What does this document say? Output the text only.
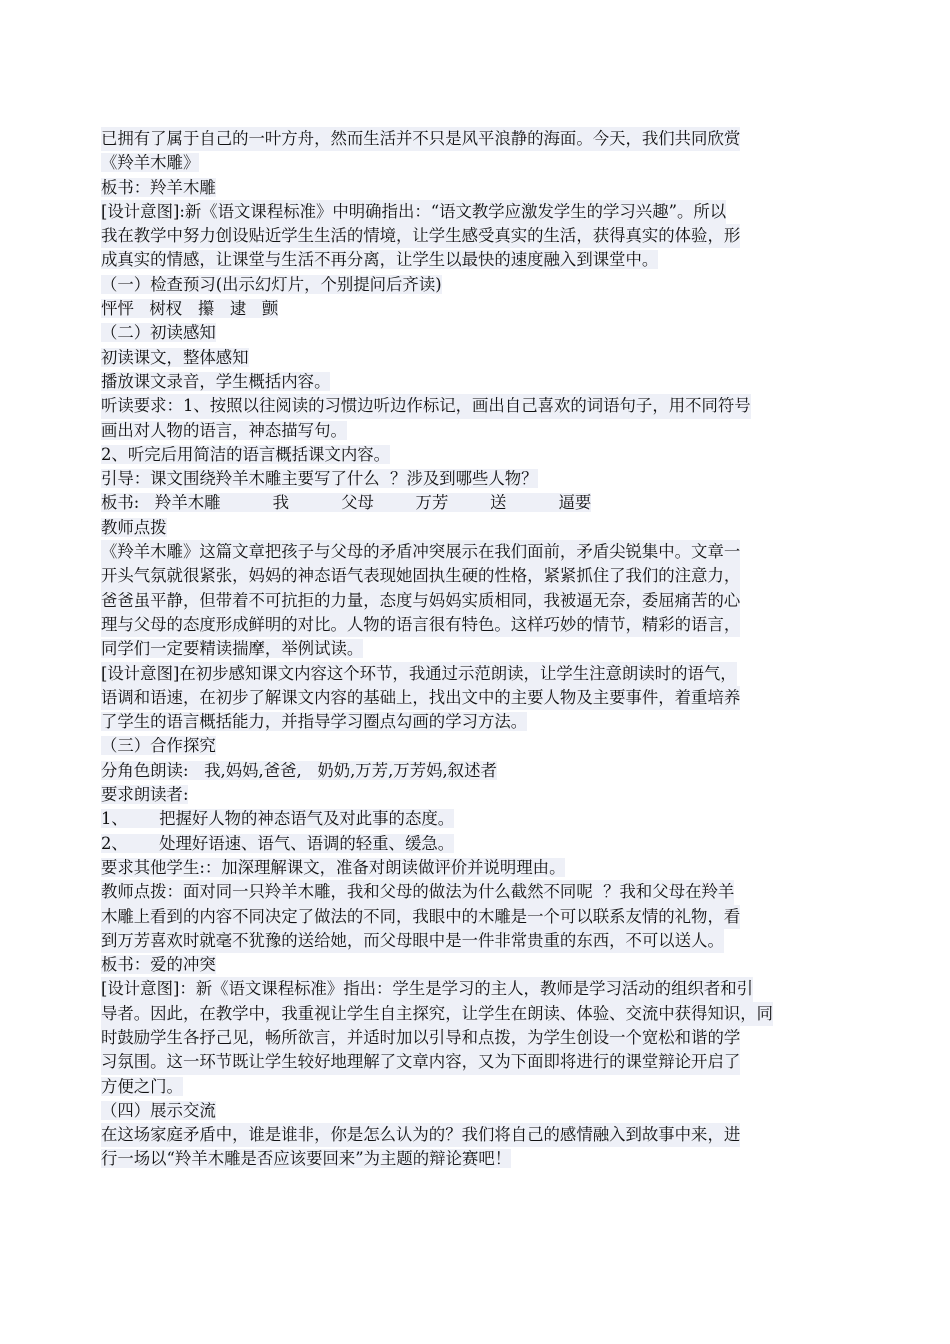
已拥有了属于自己的一叶方舟，然而生活并不只是风平浪静的海面。今天，我们共同欣赏
《羚羊木雕》
板书：羚羊木雕
[设计意图]:新《语文课程标准》中明确指出：“语文教学应激发学生的学习兴趣”。所以
我在教学中努力创设贴近学生生活的情境，让学生感受真实的生活，获得真实的体验，形
成真实的情感，让课堂与生活不再分离，让学生以最快的速度融入到课堂中。
（一）检查预习(出示幻灯片，个别提问后齐读)
怦怦   树杈   攥   逮   颤
（二）初读感知
初读课文，整体感知
播放课文录音，学生概括内容。
听读要求：1、按照以往阅读的习惯边听边作标记，画出自己喜欢的词语句子，用不同符号
画出对人物的语言，神态描写句。
2、听完后用简洁的语言概括课文内容。
引导：课文围绕羚羊木雕主要写了什么  ？涉及到哪些人物？
板书:   羚羊木雕          我          父母        万芳        送          逼要
教师点拨
《羚羊木雕》这篇文章把孩子与父母的矛盾冲突展示在我们面前，矛盾尖锐集中。文章一
开头气氛就很紧张，妈妈的神态语气表现她固执生硬的性格，紧紧抓住了我们的注意力，
爸爸虽平静，但带着不可抗拒的力量，态度与妈妈实质相同，我被逼无奈，委屈痛苦的心
理与父母的态度形成鲜明的对比。人物的语言很有特色。这样巧妙的情节，精彩的语言，
同学们一定要精读揣摩，举例试读。
[设计意图]在初步感知课文内容这个环节，我通过示范朗读，让学生注意朗读时的语气，
语调和语速，在初步了解课文内容的基础上，找出文中的主要人物及主要事件，着重培养
了学生的语言概括能力，并指导学习圈点勾画的学习方法。
（三）合作探究
分角色朗读:   我,妈妈,爸爸,   奶奶,万芳,万芳妈,叙述者
要求朗读者:
1、      把握好人物的神态语气及对此事的态度。
2、      处理好语速、语气、语调的轻重、缓急。
要求其他学生:：加深理解课文，准备对朗读做评价并说明理由。
教师点拨：面对同一只羚羊木雕，我和父母的做法为什么截然不同呢  ？我和父母在羚羊
木雕上看到的内容不同决定了做法的不同，我眼中的木雕是一个可以联系友情的礼物，看
到万芳喜欢时就毫不犹豫的送给她，而父母眼中是一件非常贵重的东西，不可以送人。
板书：爱的冲突
[设计意图]：新《语文课程标准》指出：学生是学习的主人，教师是学习活动的组织者和引
导者。因此，在教学中，我重视让学生自主探究，让学生在朗读、体验、交流中获得知识，同
时鼓励学生各抒己见，畅所欲言，并适时加以引导和点拨，为学生创设一个宽松和谐的学
习氛围。这一环节既让学生较好地理解了文章内容，又为下面即将进行的课堂辩论开启了
方便之门。
（四）展示交流
在这场家庭矛盾中，谁是谁非，你是怎么认为的？我们将自己的感情融入到故事中来，进
行一场以“羚羊木雕是否应该要回来”为主题的辩论赛吧！
